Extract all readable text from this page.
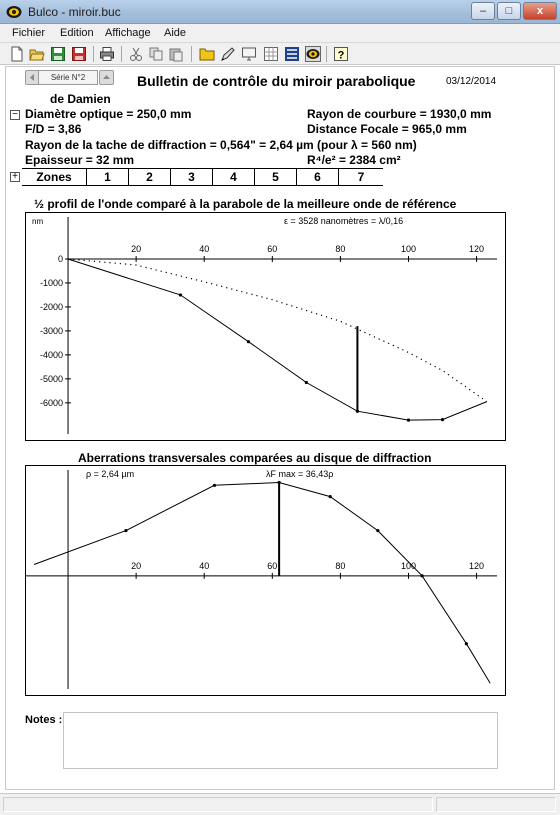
Bulco - miroir.buc	–	□	x
Fichier Edition Affichage Aide
?
Série N°2	Bulletin de contrôle du miroir parabolique	03/12/2014
de Damien
− Diamètre optique = 250,0 mm
F/D = 3,86
Rayon de courbure = 1930,0 mm
Distance Focale = 965,0 mm
Rayon de la tache de diffraction = 0,564" = 2,64 µm (pour λ = 560 nm)
Epaisseur = 32 mm	R⁴/e² = 2384 cm²
+	Zones	1	2	3	4	5	6	7
½ profil de l'onde comparé à la parabole de la meilleure onde de référence
20	40	60	80	100	120
0
-1000
-2000
-3000
-4000
-5000
-6000
nm	ε = 3528 nanomètres = λ/0,16
Aberrations transversales comparées au disque de diffraction
20	40	60	80	100	120
ρ = 2,64 µm	λF max = 36,43ρ
Notes :
